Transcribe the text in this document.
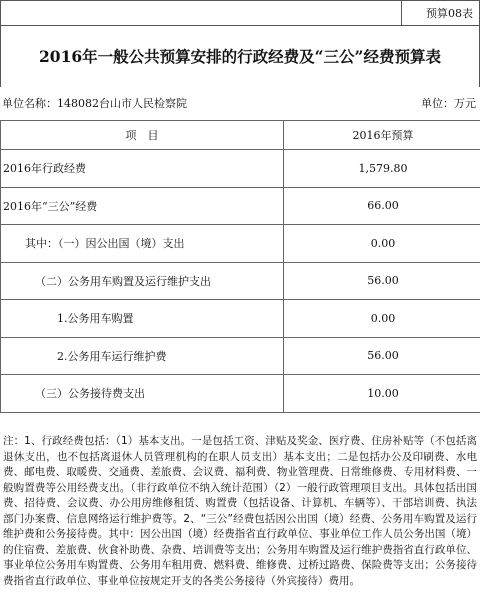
预算08表
2016年一般公共预算安排的行政经费及“三公”经费预算表
单位名称：148082台山市人民检察院	单位：万元
项　目	2016年预算
2016年行政经费	1,579.80
2016年“三公”经费	66.00
其中：（一）因公出国（境）支出	0.00
（二）公务用车购置及运行维护支出	56.00
1.公务用车购置	0.00
2.公务用车运行维护费	56.00
（三）公务接待费支出	10.00
注：1、行政经费包括：（1）基本支出。一是包括工资、津贴及奖金、医疗费、住房补贴等（不包括离退休支出，也不包括离退休人员管理机构的在职人员支出）基本支出；二是包括办公及印刷费、水电费、邮电费、取暖费、交通费、差旅费、会议费、福利费、物业管理费、日常维修费、专用材料费、一般购置费等公用经费支出。（非行政单位不纳入统计范围）（2）一般行政管理项目支出。具体包括出国费、招待费、会议费、办公用房维修租赁、购置费（包括设备、计算机、车辆等）、干部培训费、执法部门办案费、信息网络运行维护费等。2、“三公”经费包括因公出国（境）经费、公务用车购置及运行维护费和公务接待费。其中：因公出国（境）经费指省直行政单位、事业单位工作人员公务出国（境）的住宿费、差旅费、伙食补助费、杂费、培训费等支出；公务用车购置及运行维护费指省直行政单位、事业单位公务用车购置费、公务用车租用费、燃料费、维修费、过桥过路费、保险费等支出；公务接待费指省直行政单位、事业单位按规定开支的各类公务接待（外宾接待）费用。
